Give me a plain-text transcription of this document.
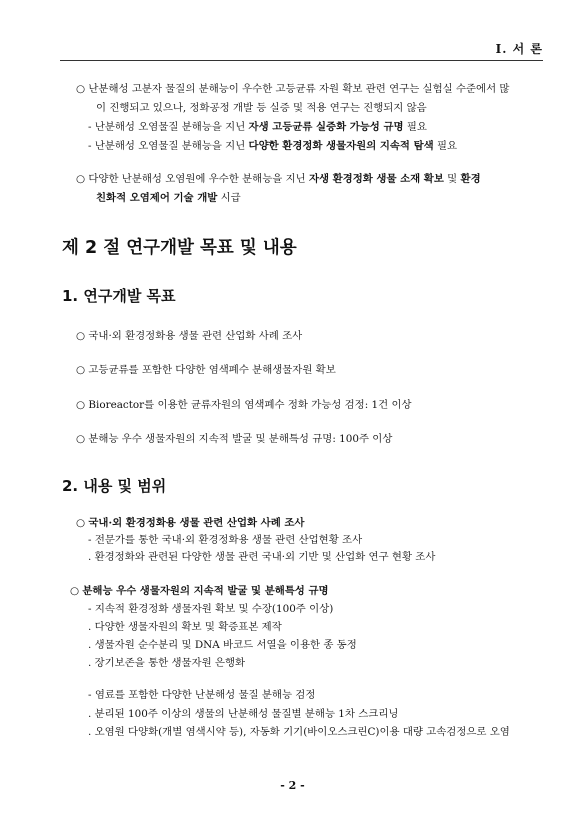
I. 서 론
○ 난분해성 고분자 물질의 분해능이 우수한 고등균류 자원 확보 관련 연구는 실험실 수준에서 많
이 진행되고 있으나, 정화공정 개발 등 실증 및 적용 연구는 진행되지 않음
- 난분해성 오염물질 분해능을 지닌 자생 고등균류 실증화 가능성 규명 필요
- 난분해성 오염물질 분해능을 지닌 다양한 환경정화 생물자원의 지속적 탐색 필요
○ 다양한 난분해성 오염원에 우수한 분해능을 지닌 자생 환경정화 생물 소재 확보 및 환경
친화적 오염제어 기술 개발 시급
제 2 절 연구개발 목표 및 내용
1. 연구개발 목표
○ 국내·외 환경정화용 생물 관련 산업화 사례 조사
○ 고등균류를 포함한 다양한 염색폐수 분해생물자원 확보
○ Bioreactor를 이용한 균류자원의 염색폐수 정화 가능성 검정: 1건 이상
○ 분해능 우수 생물자원의 지속적 발굴 및 분해특성 규명: 100주 이상
2. 내용 및 범위
○ 국내·외 환경정화용 생물 관련 산업화 사례 조사
- 전문가를 통한 국내·외 환경정화용 생물 관련 산업현황 조사
. 환경정화와 관련된 다양한 생물 관련 국내·외 기반 및 산업화 연구 현황 조사
○ 분해능 우수 생물자원의 지속적 발굴 및 분해특성 규명
- 지속적 환경정화 생물자원 확보 및 수장(100주 이상)
. 다양한 생물자원의 확보 및 확증표본 제작
. 생물자원 순수분리 및 DNA 바코드 서열을 이용한 종 동정
. 장기보존을 통한 생물자원 은행화
- 염료를 포함한 다양한 난분해성 물질 분해능 검정
. 분리된 100주 이상의 생물의 난분해성 물질별 분해능 1차 스크리닝
. 오염원 다양화(개별 염색시약 등), 자동화 기기(바이오스크린C)이용 대량 고속검정으로 오염
- 2 -
